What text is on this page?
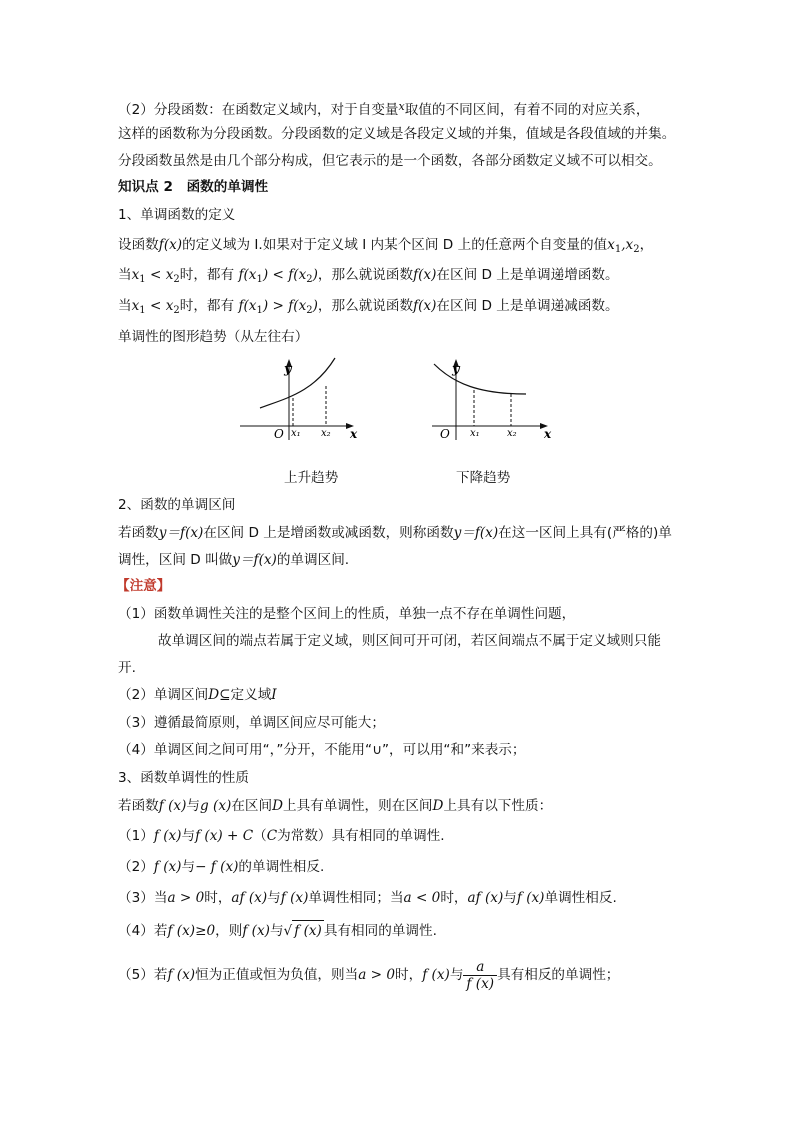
（2）分段函数：在函数定义域内，对于自变量$^x$取值的不同区间，有着不同的对应关系，
这样的函数称为分段函数。分段函数的定义域是各段定义域的并集，值域是各段值域的并集。
分段函数虽然是由几个部分构成，但它表示的是一个函数，各部分函数定义域不可以相交。
知识点 2　函数的单调性
1、单调函数的定义
设函数f(x)的定义域为 I.如果对于定义域 I 内某个区间 D 上的任意两个自变量的值$x_1,x_2$，
当$x_1 < x_2$时，都有 $f(x_1) < f(x_2)$，那么就说函数f(x)在区间 D 上是单调递增函数。
当$x_1 < x_2$时，都有 $f(x_1) > f(x_2)$，那么就说函数f(x)在区间 D 上是单调递减函数。
单调性的图形趋势（从左往右）
y
O	x
x₁ x₂
上升趋势
y
O	x
x₁	x₂
下降趋势
2、函数的单调区间
若函数y＝f(x)在区间 D 上是增函数或减函数，则称函数y＝f(x)在这一区间上具有(严格的)单
调性，区间 D 叫做y＝f(x)的单调区间.
【注意】
（1）函数单调性关注的是整个区间上的性质，单独一点不存在单调性问题，
故单调区间的端点若属于定义域，则区间可开可闭，若区间端点不属于定义域则只能
开.
（2）单调区间D⊆定义域I
（3）遵循最简原则，单调区间应尽可能大；
（4）单调区间之间可用“，”分开，不能用“∪”，可以用“和”来表示；
3、函数单调性的性质
若函数f (x)与g (x)在区间D上具有单调性，则在区间D上具有以下性质：
（1）f (x)与f (x) + C（C为常数）具有相同的单调性.
（2）f (x)与− f (x)的单调性相反.
（3）当a > 0时，af (x)与f (x)单调性相同；当a < 0时，af (x)与f (x)单调性相反.
（4）若f (x)≥0，则f (x)与√ f (x) 具有相同的单调性.
（5）若f (x)恒为正值或恒为负值，则当a > 0时，f (x)与 $\frac{a}{f (x)}$ 具有相反的单调性；
